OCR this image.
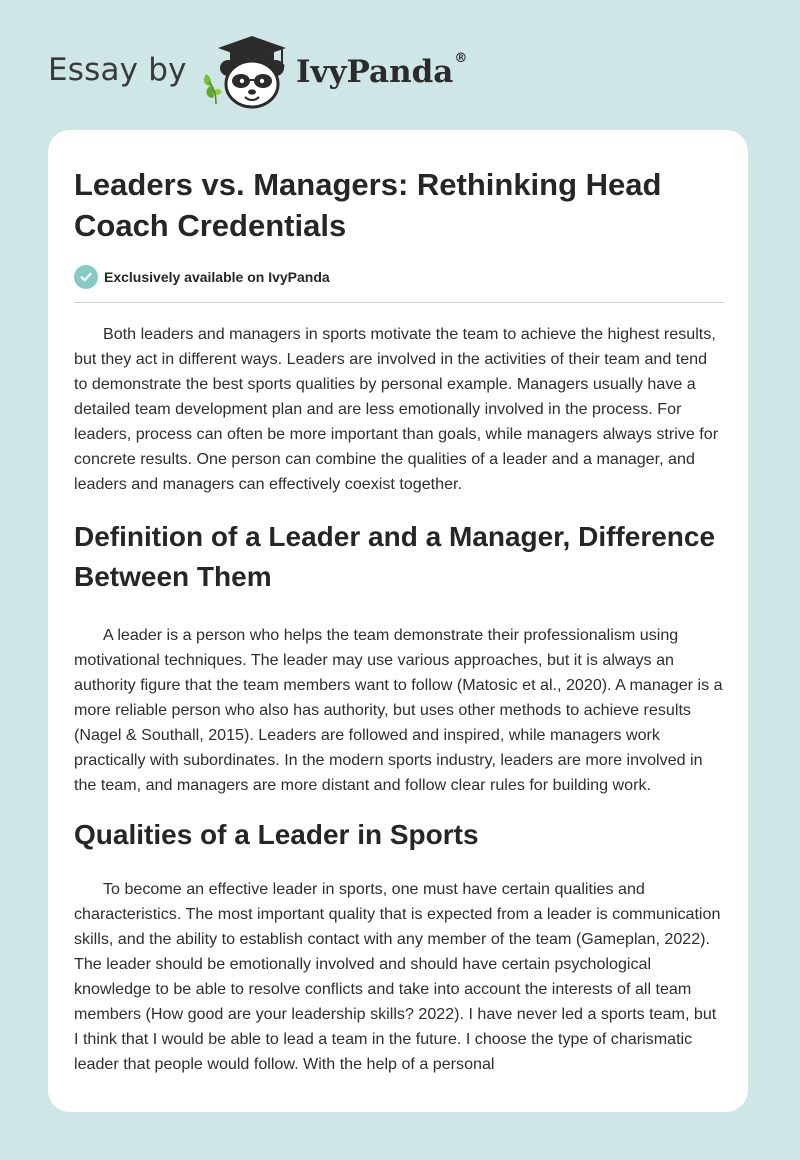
Essay by	IvyPanda®
Leaders vs. Managers: Rethinking Head Coach Credentials
Exclusively available on IvyPanda

Both leaders and managers in sports motivate the team to achieve the highest results, but they act in different ways. Leaders are involved in the activities of their team and tend to demonstrate the best sports qualities by personal example. Managers usually have a detailed team development plan and are less emotionally involved in the process. For leaders, process can often be more important than goals, while managers always strive for concrete results. One person can combine the qualities of a leader and a manager, and leaders and managers can effectively coexist together.

Definition of a Leader and a Manager, Difference Between Them

A leader is a person who helps the team demonstrate their professionalism using motivational techniques. The leader may use various approaches, but it is always an authority figure that the team members want to follow (Matosic et al., 2020). A manager is a more reliable person who also has authority, but uses other methods to achieve results (Nagel & Southall, 2015). Leaders are followed and inspired, while managers work practically with subordinates. In the modern sports industry, leaders are more involved in the team, and managers are more distant and follow clear rules for building work.

Qualities of a Leader in Sports

To become an effective leader in sports, one must have certain qualities and characteristics. The most important quality that is expected from a leader is communication skills, and the ability to establish contact with any member of the team (Gameplan, 2022). The leader should be emotionally involved and should have certain psychological knowledge to be able to resolve conflicts and take into account the interests of all team members (How good are your leadership skills? 2022). I have never led a sports team, but I think that I would be able to lead a team in the future. I choose the type of charismatic leader that people would follow. With the help of a personal
